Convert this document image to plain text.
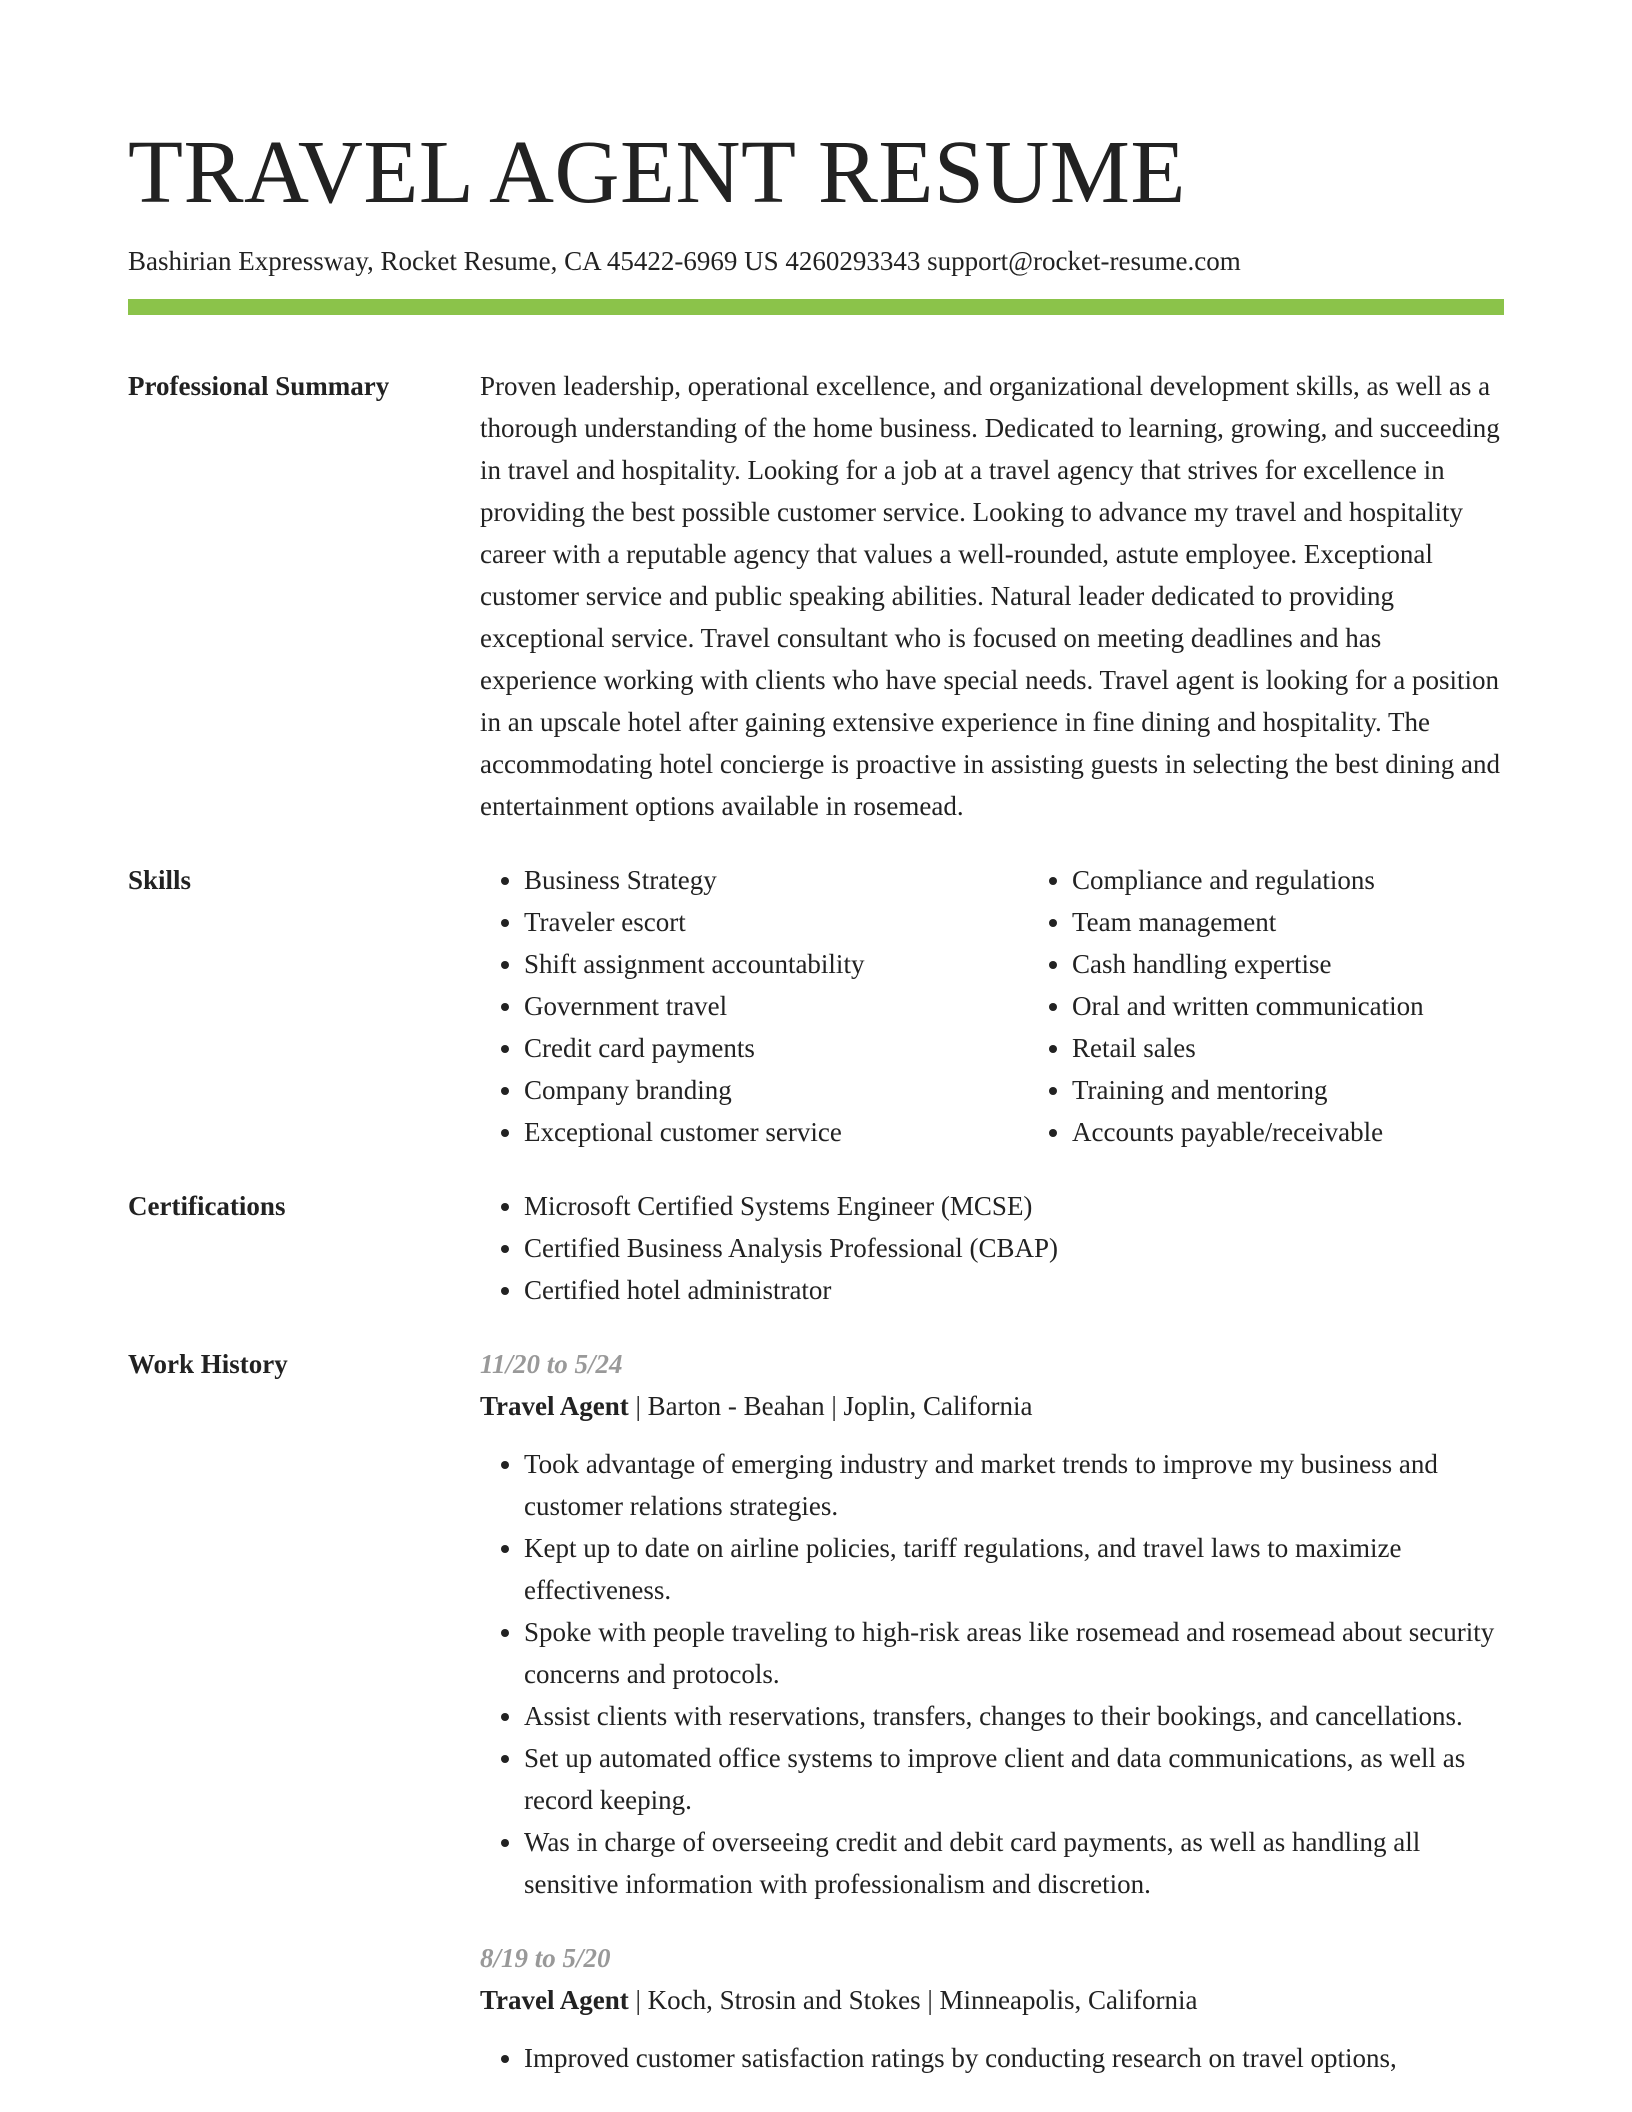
TRAVEL AGENT RESUME
Bashirian Expressway, Rocket Resume, CA 45422-6969 US 4260293343 support@rocket-resume.com
Professional Summary	Proven leadership, operational excellence, and organizational development skills, as well as a thorough understanding of the home business. Dedicated to learning, growing, and succeeding in travel and hospitality. Looking for a job at a travel agency that strives for excellence in providing the best possible customer service. Looking to advance my travel and hospitality career with a reputable agency that values a well-rounded, astute employee. Exceptional customer service and public speaking abilities. Natural leader dedicated to providing exceptional service. Travel consultant who is focused on meeting deadlines and has experience working with clients who have special needs. Travel agent is looking for a position in an upscale hotel after gaining extensive experience in fine dining and hospitality. The accommodating hotel concierge is proactive in assisting guests in selecting the best dining and entertainment options available in rosemead.
Skills	• Business Strategy
• Traveler escort
• Shift assignment accountability
• Government travel
• Credit card payments
• Company branding
• Exceptional customer service
• Compliance and regulations
• Team management
• Cash handling expertise
• Oral and written communication
• Retail sales
• Training and mentoring
• Accounts payable/receivable
Certifications	• Microsoft Certified Systems Engineer (MCSE)
• Certified Business Analysis Professional (CBAP)
• Certified hotel administrator
Work History	11/20 to 5/24
Travel Agent | Barton - Beahan | Joplin, California
• Took advantage of emerging industry and market trends to improve my business and customer relations strategies.
• Kept up to date on airline policies, tariff regulations, and travel laws to maximize effectiveness.
• Spoke with people traveling to high-risk areas like rosemead and rosemead about security concerns and protocols.
• Assist clients with reservations, transfers, changes to their bookings, and cancellations.
• Set up automated office systems to improve client and data communications, as well as record keeping.
• Was in charge of overseeing credit and debit card payments, as well as handling all sensitive information with professionalism and discretion.
8/19 to 5/20
Travel Agent | Koch, Strosin and Stokes | Minneapolis, California
• Improved customer satisfaction ratings by conducting research on travel options,
